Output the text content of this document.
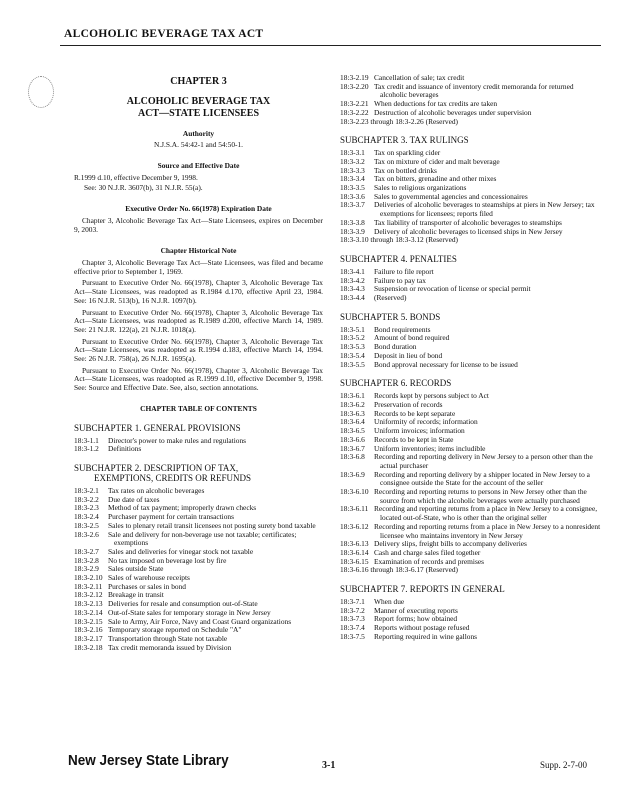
ALCOHOLIC BEVERAGE TAX ACT
CHAPTER 3
ALCOHOLIC BEVERAGE TAX
ACT—STATE LICENSEES
Authority
N.J.S.A. 54:42-1 and 54:50-1.
Source and Effective Date

R.1999 d.10, effective December 9, 1998.

See: 30 N.J.R. 3607(b), 31 N.J.R. 55(a).

Executive Order No. 66(1978) Expiration Date

Chapter 3, Alcoholic Beverage Tax Act—State Licensees, expires on December 9, 2003.

Chapter Historical Note

Chapter 3, Alcoholic Beverage Tax Act—State Licensees, was filed and became effective prior to September 1, 1969.

Pursuant to Executive Order No. 66(1978), Chapter 3, Alcoholic Beverage Tax Act—State Licensees, was readopted as R.1984 d.170, effective April 23, 1984. See: 16 N.J.R. 513(b), 16 N.J.R. 1097(b).

Pursuant to Executive Order No. 66(1978), Chapter 3, Alcoholic Beverage Tax Act—State Licensees, was readopted as R.1989 d.200, effective March 14, 1989. See: 21 N.J.R. 122(a), 21 N.J.R. 1018(a).

Pursuant to Executive Order No. 66(1978), Chapter 3, Alcoholic Beverage Tax Act—State Licensees, was readopted as R.1994 d.183, effective March 14, 1994. See: 26 N.J.R. 758(a), 26 N.J.R. 1695(a).

Pursuant to Executive Order No. 66(1978), Chapter 3, Alcoholic Beverage Tax Act—State Licensees, was readopted as R.1999 d.10, effective December 9, 1998. See: Source and Effective Date. See, also, section annotations.

CHAPTER TABLE OF CONTENTS
SUBCHAPTER 1. GENERAL PROVISIONS
18:3-1.1	Director's power to make rules and regulations
18:3-1.2	Definitions
SUBCHAPTER 2. DESCRIPTION OF TAX,
EXEMPTIONS, CREDITS OR REFUNDS
18:3-2.1	Tax rates on alcoholic beverages
18:3-2.2	Due date of taxes
18:3-2.3	Method of tax payment; improperly drawn checks
18:3-2.4	Purchaser payment for certain transactions
18:3-2.5	Sales to plenary retail transit licensees not posting surety bond taxable
18:3-2.6	Sale and delivery for non-beverage use not taxable; certificates; exemptions
18:3-2.7	Sales and deliveries for vinegar stock not taxable
18:3-2.8	No tax imposed on beverage lost by fire
18:3-2.9	Sales outside State
18:3-2.10 Sales of warehouse receipts
18:3-2.11 Purchases or sales in bond
18:3-2.12 Breakage in transit
18:3-2.13 Deliveries for resale and consumption out-of-State
18:3-2.14 Out-of-State sales for temporary storage in New Jersey
18:3-2.15 Sale to Army, Air Force, Navy and Coast Guard organizations
18:3-2.16 Temporary storage reported on Schedule "A"
18:3-2.17 Transportation through State not taxable
18:3-2.18 Tax credit memoranda issued by Division
18:3-2.19 Cancellation of sale; tax credit
18:3-2.20 Tax credit and issuance of inventory credit memoranda for returned alcoholic beverages
18:3-2.21 When deductions for tax credits are taken
18:3-2.22 Destruction of alcoholic beverages under supervision
18:3-2.23 through 18:3-2.26 (Reserved)
SUBCHAPTER 3. TAX RULINGS
18:3-3.1	Tax on sparkling cider
18:3-3.2	Tax on mixture of cider and malt beverage
18:3-3.3	Tax on bottled drinks
18:3-3.4	Tax on bitters, grenadine and other mixes
18:3-3.5	Sales to religious organizations
18:3-3.6	Sales to governmental agencies and concessionaires
18:3-3.7	Deliveries of alcoholic beverages to steamships at piers in New Jersey; tax exemptions for licensees; reports filed
18:3-3.8	Tax liability of transporter of alcoholic beverages to steamships
18:3-3.9	Delivery of alcoholic beverages to licensed ships in New Jersey
18:3-3.10 through 18:3-3.12 (Reserved)
SUBCHAPTER 4. PENALTIES
18:3-4.1	Failure to file report
18:3-4.2	Failure to pay tax
18:3-4.3	Suspension or revocation of license or special permit
18:3-4.4	(Reserved)
SUBCHAPTER 5. BONDS
18:3-5.1	Bond requirements
18:3-5.2	Amount of bond required
18:3-5.3	Bond duration
18:3-5.4	Deposit in lieu of bond
18:3-5.5	Bond approval necessary for license to be issued
SUBCHAPTER 6. RECORDS
18:3-6.1	Records kept by persons subject to Act
18:3-6.2	Preservation of records
18:3-6.3	Records to be kept separate
18:3-6.4	Uniformity of records; information
18:3-6.5	Uniform invoices; information
18:3-6.6	Records to be kept in State
18:3-6.7	Uniform inventories; items includible
18:3-6.8	Recording and reporting delivery in New Jersey to a person other than the actual purchaser
18:3-6.9	Recording and reporting delivery by a shipper located in New Jersey to a consignee outside the State for the account of the seller
18:3-6.10 Recording and reporting returns to persons in New Jersey other than the source from which the alcoholic beverages were actually purchased
18:3-6.11 Recording and reporting returns from a place in New Jersey to a consignee, located out-of-State, who is other than the original seller
18:3-6.12 Recording and reporting returns from a place in New Jersey to a nonresident licensee who maintains inventory in New Jersey
18:3-6.13 Delivery slips, freight bills to accompany deliveries
18:3-6.14 Cash and charge sales filed together
18:3-6.15 Examination of records and premises
18:3-6.16 through 18:3-6.17 (Reserved)
SUBCHAPTER 7. REPORTS IN GENERAL
18:3-7.1	When due
18:3-7.2	Manner of executing reports
18:3-7.3	Report forms; how obtained
18:3-7.4	Reports without postage refused
18:3-7.5	Reporting required in wine gallons
New Jersey State Library	3-1	Supp. 2-7-00
